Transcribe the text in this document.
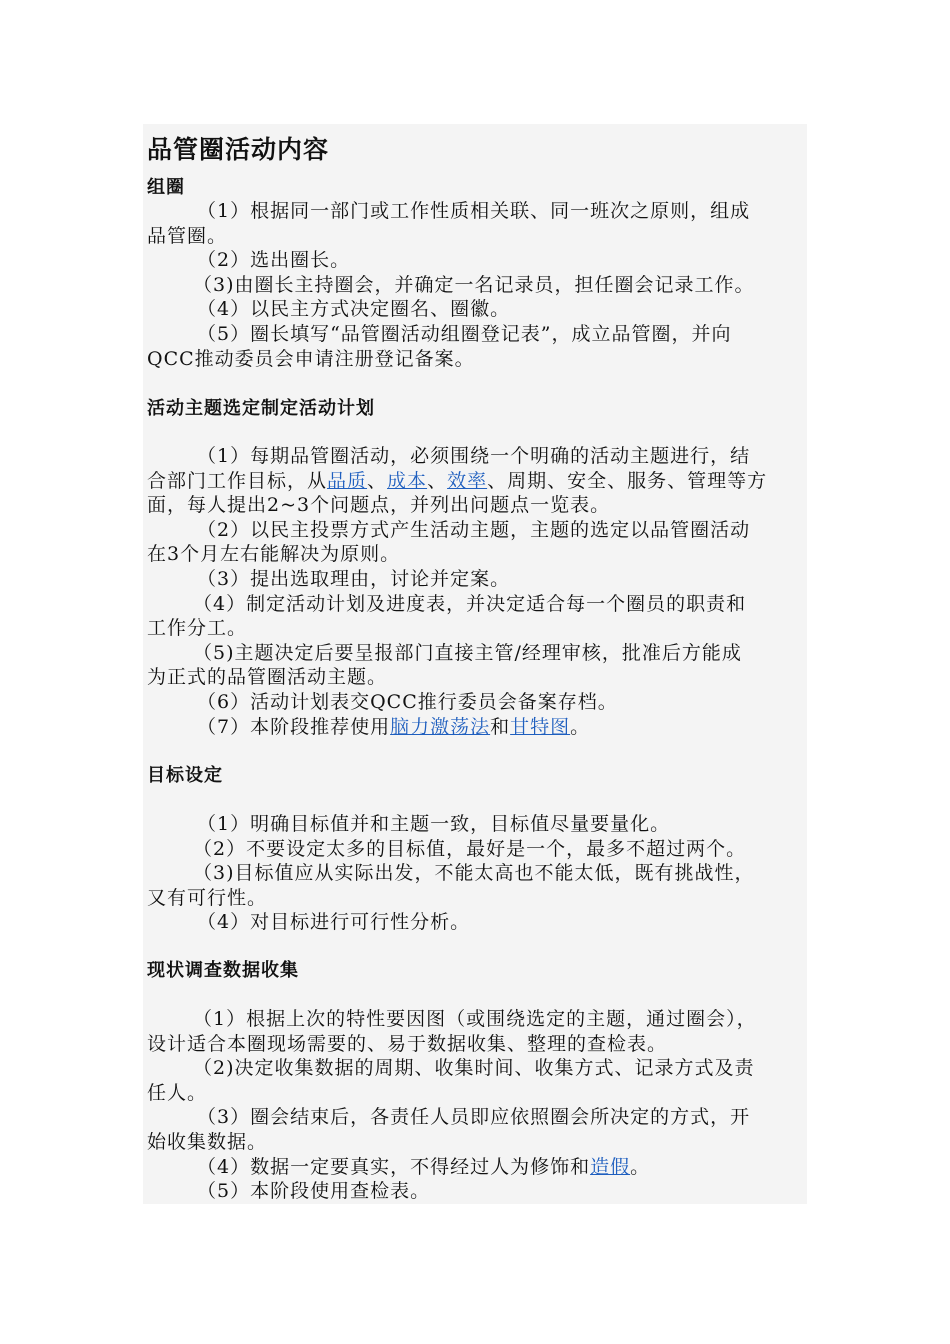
品管圈活动内容
组圈
（1）根据同一部门或工作性质相关联、同一班次之原则，组成
品管圈。
（2）选出圈长。
（3)由圈长主持圈会，并确定一名记录员，担任圈会记录工作。
（4）以民主方式决定圈名、圈徽。
（5）圈长填写“品管圈活动组圈登记表”，成立品管圈，并向
QCC推动委员会申请注册登记备案。
活动主题选定制定活动计划
（1）每期品管圈活动，必须围绕一个明确的活动主题进行，结
合部门工作目标，从品质、成本、效率、周期、安全、服务、管理等方
面，每人提出2~3个问题点，并列出问题点一览表。
（2）以民主投票方式产生活动主题，主题的选定以品管圈活动
在3个月左右能解决为原则。
（3）提出选取理由，讨论并定案。
（4）制定活动计划及进度表，并决定适合每一个圈员的职责和
工作分工。
（5)主题决定后要呈报部门直接主管/经理审核，批准后方能成
为正式的品管圈活动主题。
（6）活动计划表交QCC推行委员会备案存档。
（7）本阶段推荐使用脑力激荡法和甘特图。
目标设定
（1）明确目标值并和主题一致，目标值尽量要量化。
（2）不要设定太多的目标值，最好是一个，最多不超过两个。
（3)目标值应从实际出发，不能太高也不能太低，既有挑战性，
又有可行性。
（4）对目标进行可行性分析。
现状调查数据收集
（1）根据上次的特性要因图（或围绕选定的主题，通过圈会），
设计适合本圈现场需要的、易于数据收集、整理的查检表。
（2)决定收集数据的周期、收集时间、收集方式、记录方式及责
任人。
（3）圈会结束后，各责任人员即应依照圈会所决定的方式，开
始收集数据。
（4）数据一定要真实，不得经过人为修饰和造假。
（5）本阶段使用查检表。
